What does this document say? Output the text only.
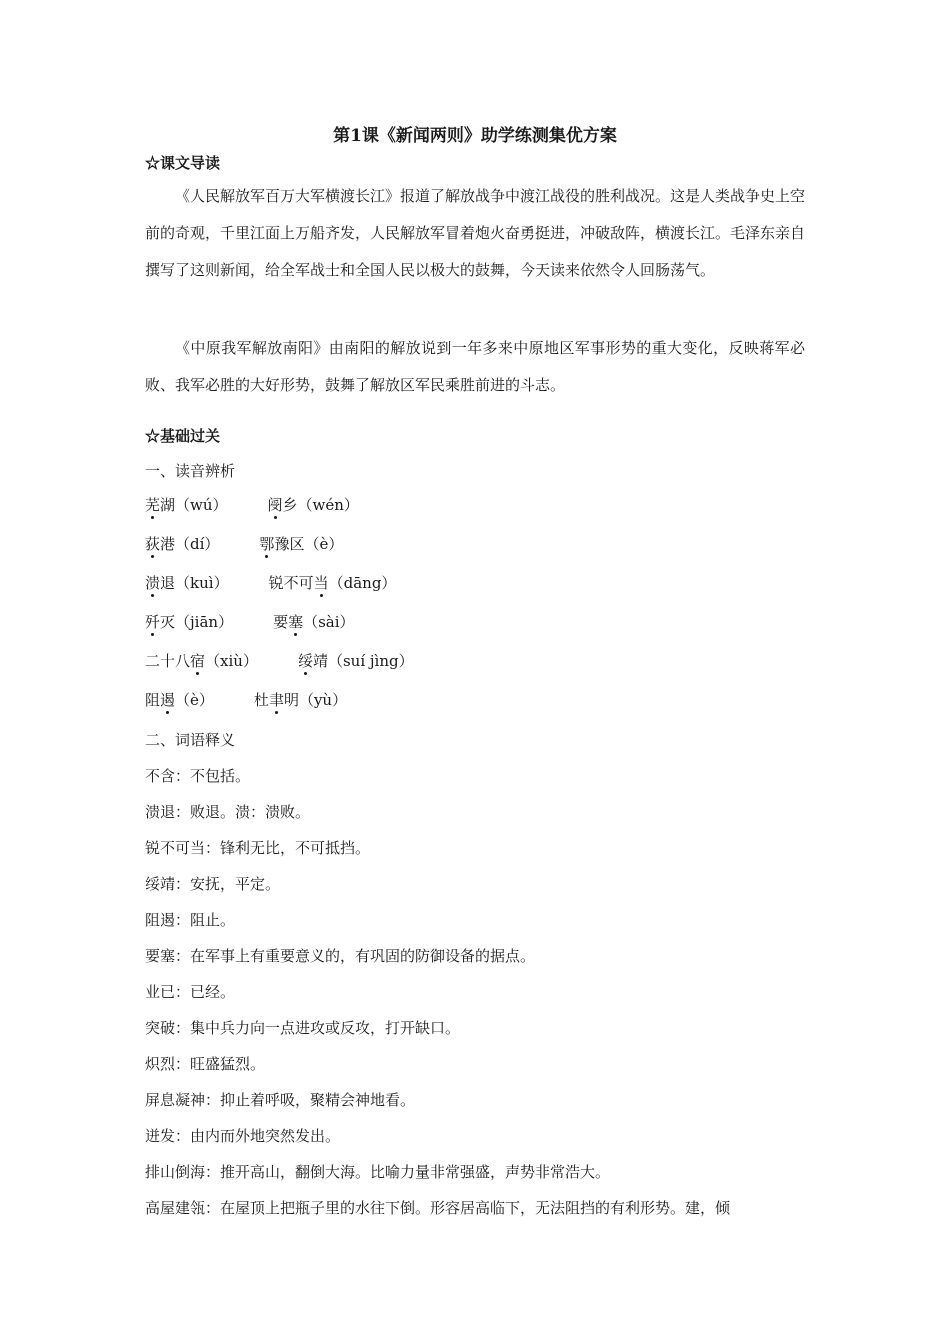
第1课《新闻两则》助学练测集优方案
☆课文导读
《人民解放军百万大军横渡长江》报道了解放战争中渡江战役的胜利战况。这是人类战争史上空前的奇观，千里江面上万船齐发，人民解放军冒着炮火奋勇挺进，冲破敌阵，横渡长江。毛泽东亲自撰写了这则新闻，给全军战士和全国人民以极大的鼓舞，今天读来依然令人回肠荡气。
《中原我军解放南阳》由南阳的解放说到一年多来中原地区军事形势的重大变化，反映蒋军必败、我军必胜的大好形势，鼓舞了解放区军民乘胜前进的斗志。
☆基础过关
一、读音辨析
芜湖（wú）	阌乡（wén）
荻港（dí）	鄂豫区（è）
溃退（kuì）	锐不可当（dāng）
歼灭（jiān）	要塞（sài）
二十八宿（xiù）	绥靖（suí jìng）
阻遏（è）	杜聿明（yù）
二、词语释义
不含：不包括。
溃退：败退。溃：溃败。
锐不可当：锋利无比，不可抵挡。
绥靖：安抚，平定。
阻遏：阻止。
要塞：在军事上有重要意义的，有巩固的防御设备的据点。
业已：已经。
突破：集中兵力向一点进攻或反攻，打开缺口。
炽烈：旺盛猛烈。
屏息凝神：抑止着呼吸，聚精会神地看。
迸发：由内而外地突然发出。
排山倒海：推开高山，翻倒大海。比喻力量非常强盛，声势非常浩大。
高屋建瓴：在屋顶上把瓶子里的水往下倒。形容居高临下，无法阻挡的有利形势。建，倾
